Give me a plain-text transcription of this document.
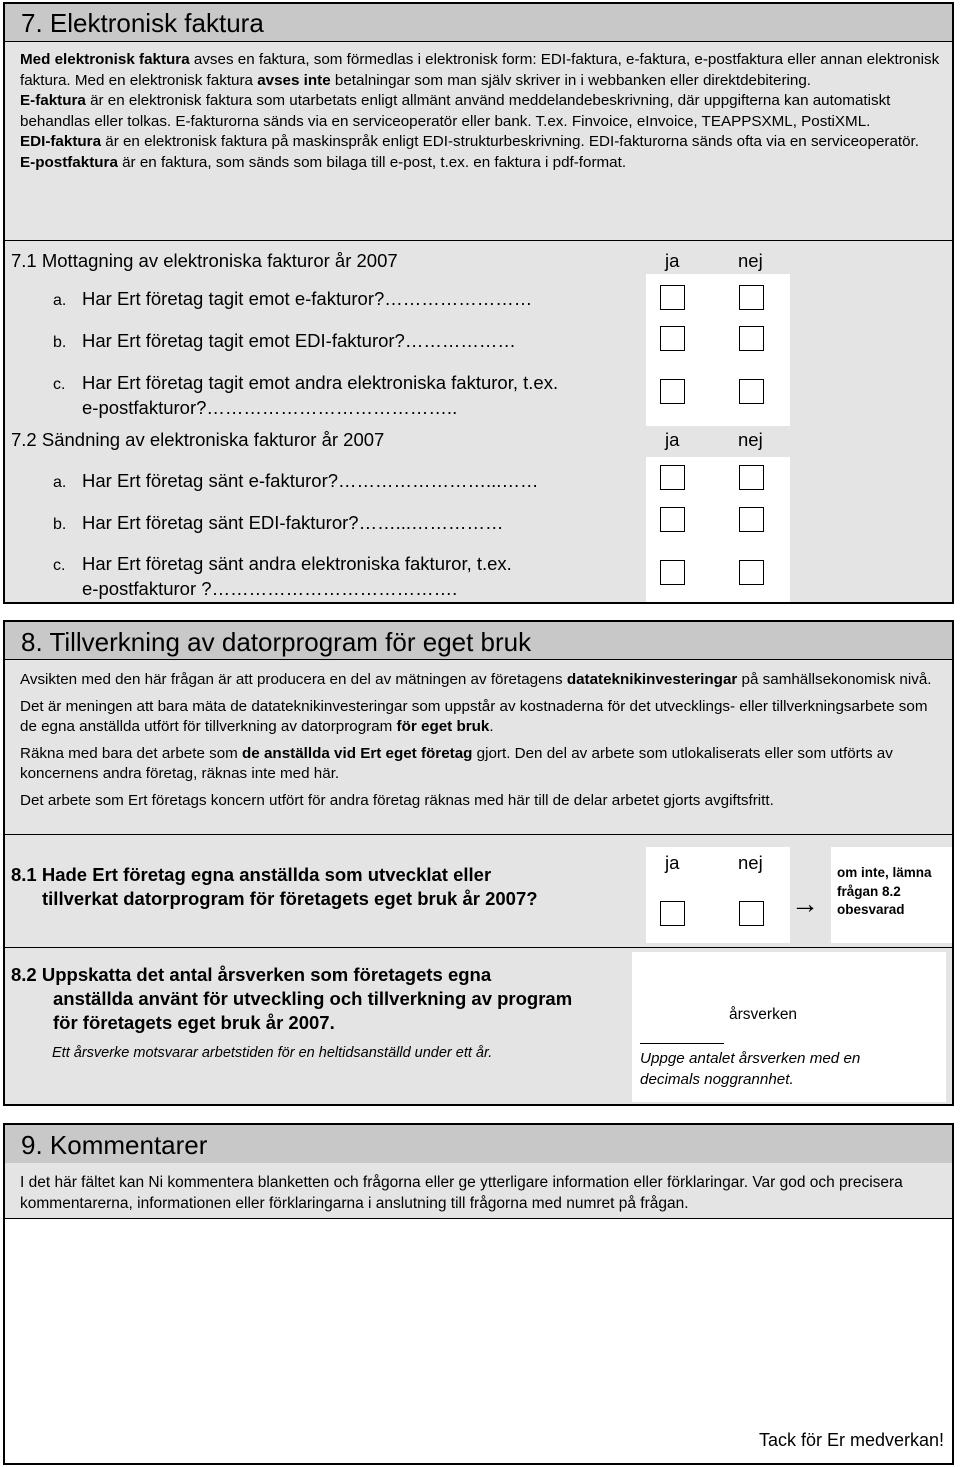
7. Elektronisk faktura
Med elektronisk faktura avses en faktura, som förmedlas i elektronisk form: EDI-faktura, e-faktura, e-postfaktura eller annan elektronisk faktura. Med en elektronisk faktura avses inte betalningar som man själv skriver in i webbanken eller direktdebitering.
E-faktura är en elektronisk faktura som utarbetats enligt allmänt använd meddelandebeskrivning, där uppgifterna kan automatiskt behandlas eller tolkas. E-fakturorna sänds via en serviceoperatör eller bank. T.ex. Finvoice, eInvoice, TEAPPSXML, PostiXML.
EDI-faktura är en elektronisk faktura på maskinspråk enligt EDI-strukturbeskrivning. EDI-fakturorna sänds ofta via en serviceoperatör.
E-postfaktura är en faktura, som sänds som bilaga till e-post, t.ex. en faktura i pdf-format.
7.1 Mottagning av elektroniska fakturor år 2007	ja	nej
a. Har Ert företag tagit emot e-fakturor?……………………
b. Har Ert företag tagit emot EDI-fakturor?………………
c. Har Ert företag tagit emot andra elektroniska fakturor, t.ex.
e-postfakturor?…………………………………..
7.2 Sändning av elektroniska fakturor år 2007	ja	nej
a. Har Ert företag sänt e-fakturor?……………………...……
b. Har Ert företag sänt EDI-fakturor?……...……………
c. Har Ert företag sänt andra elektroniska fakturor, t.ex.
e-postfakturor ?………………………………….
8. Tillverkning av datorprogram för eget bruk
Avsikten med den här frågan är att producera en del av mätningen av företagens datateknikinvesteringar på samhällsekonomisk nivå.
Det är meningen att bara mäta de datateknikinvesteringar som uppstår av kostnaderna för det utvecklings- eller tillverkningsarbete som de egna anställda utfört för tillverkning av datorprogram för eget bruk.
Räkna med bara det arbete som de anställda vid Ert eget företag gjort. Den del av arbete som utlokaliserats eller som utförts av koncernens andra företag, räknas inte med här.
Det arbete som Ert företags koncern utfört för andra företag räknas med här till de delar arbetet gjorts avgiftsfritt.
ja	nej
8.1 Hade Ert företag egna anställda som utvecklat eller
tillverkat datorprogram för företagets eget bruk år 2007?	→
om inte, lämna frågan 8.2 obesvarad
8.2 Uppskatta det antal årsverken som företagets egna
anställda använt för utveckling och tillverkning av program
för företagets eget bruk år 2007.
Ett årsverke motsvarar arbetstiden för en heltidsanställd under ett år.
årsverken
Uppge antalet årsverken med en decimals noggrannhet.
9. Kommentarer
I det här fältet kan Ni kommentera blanketten och frågorna eller ge ytterligare information eller förklaringar. Var god och precisera kommentarerna, informationen eller förklaringarna i anslutning till frågorna med numret på frågan.
Tack för Er medverkan!
